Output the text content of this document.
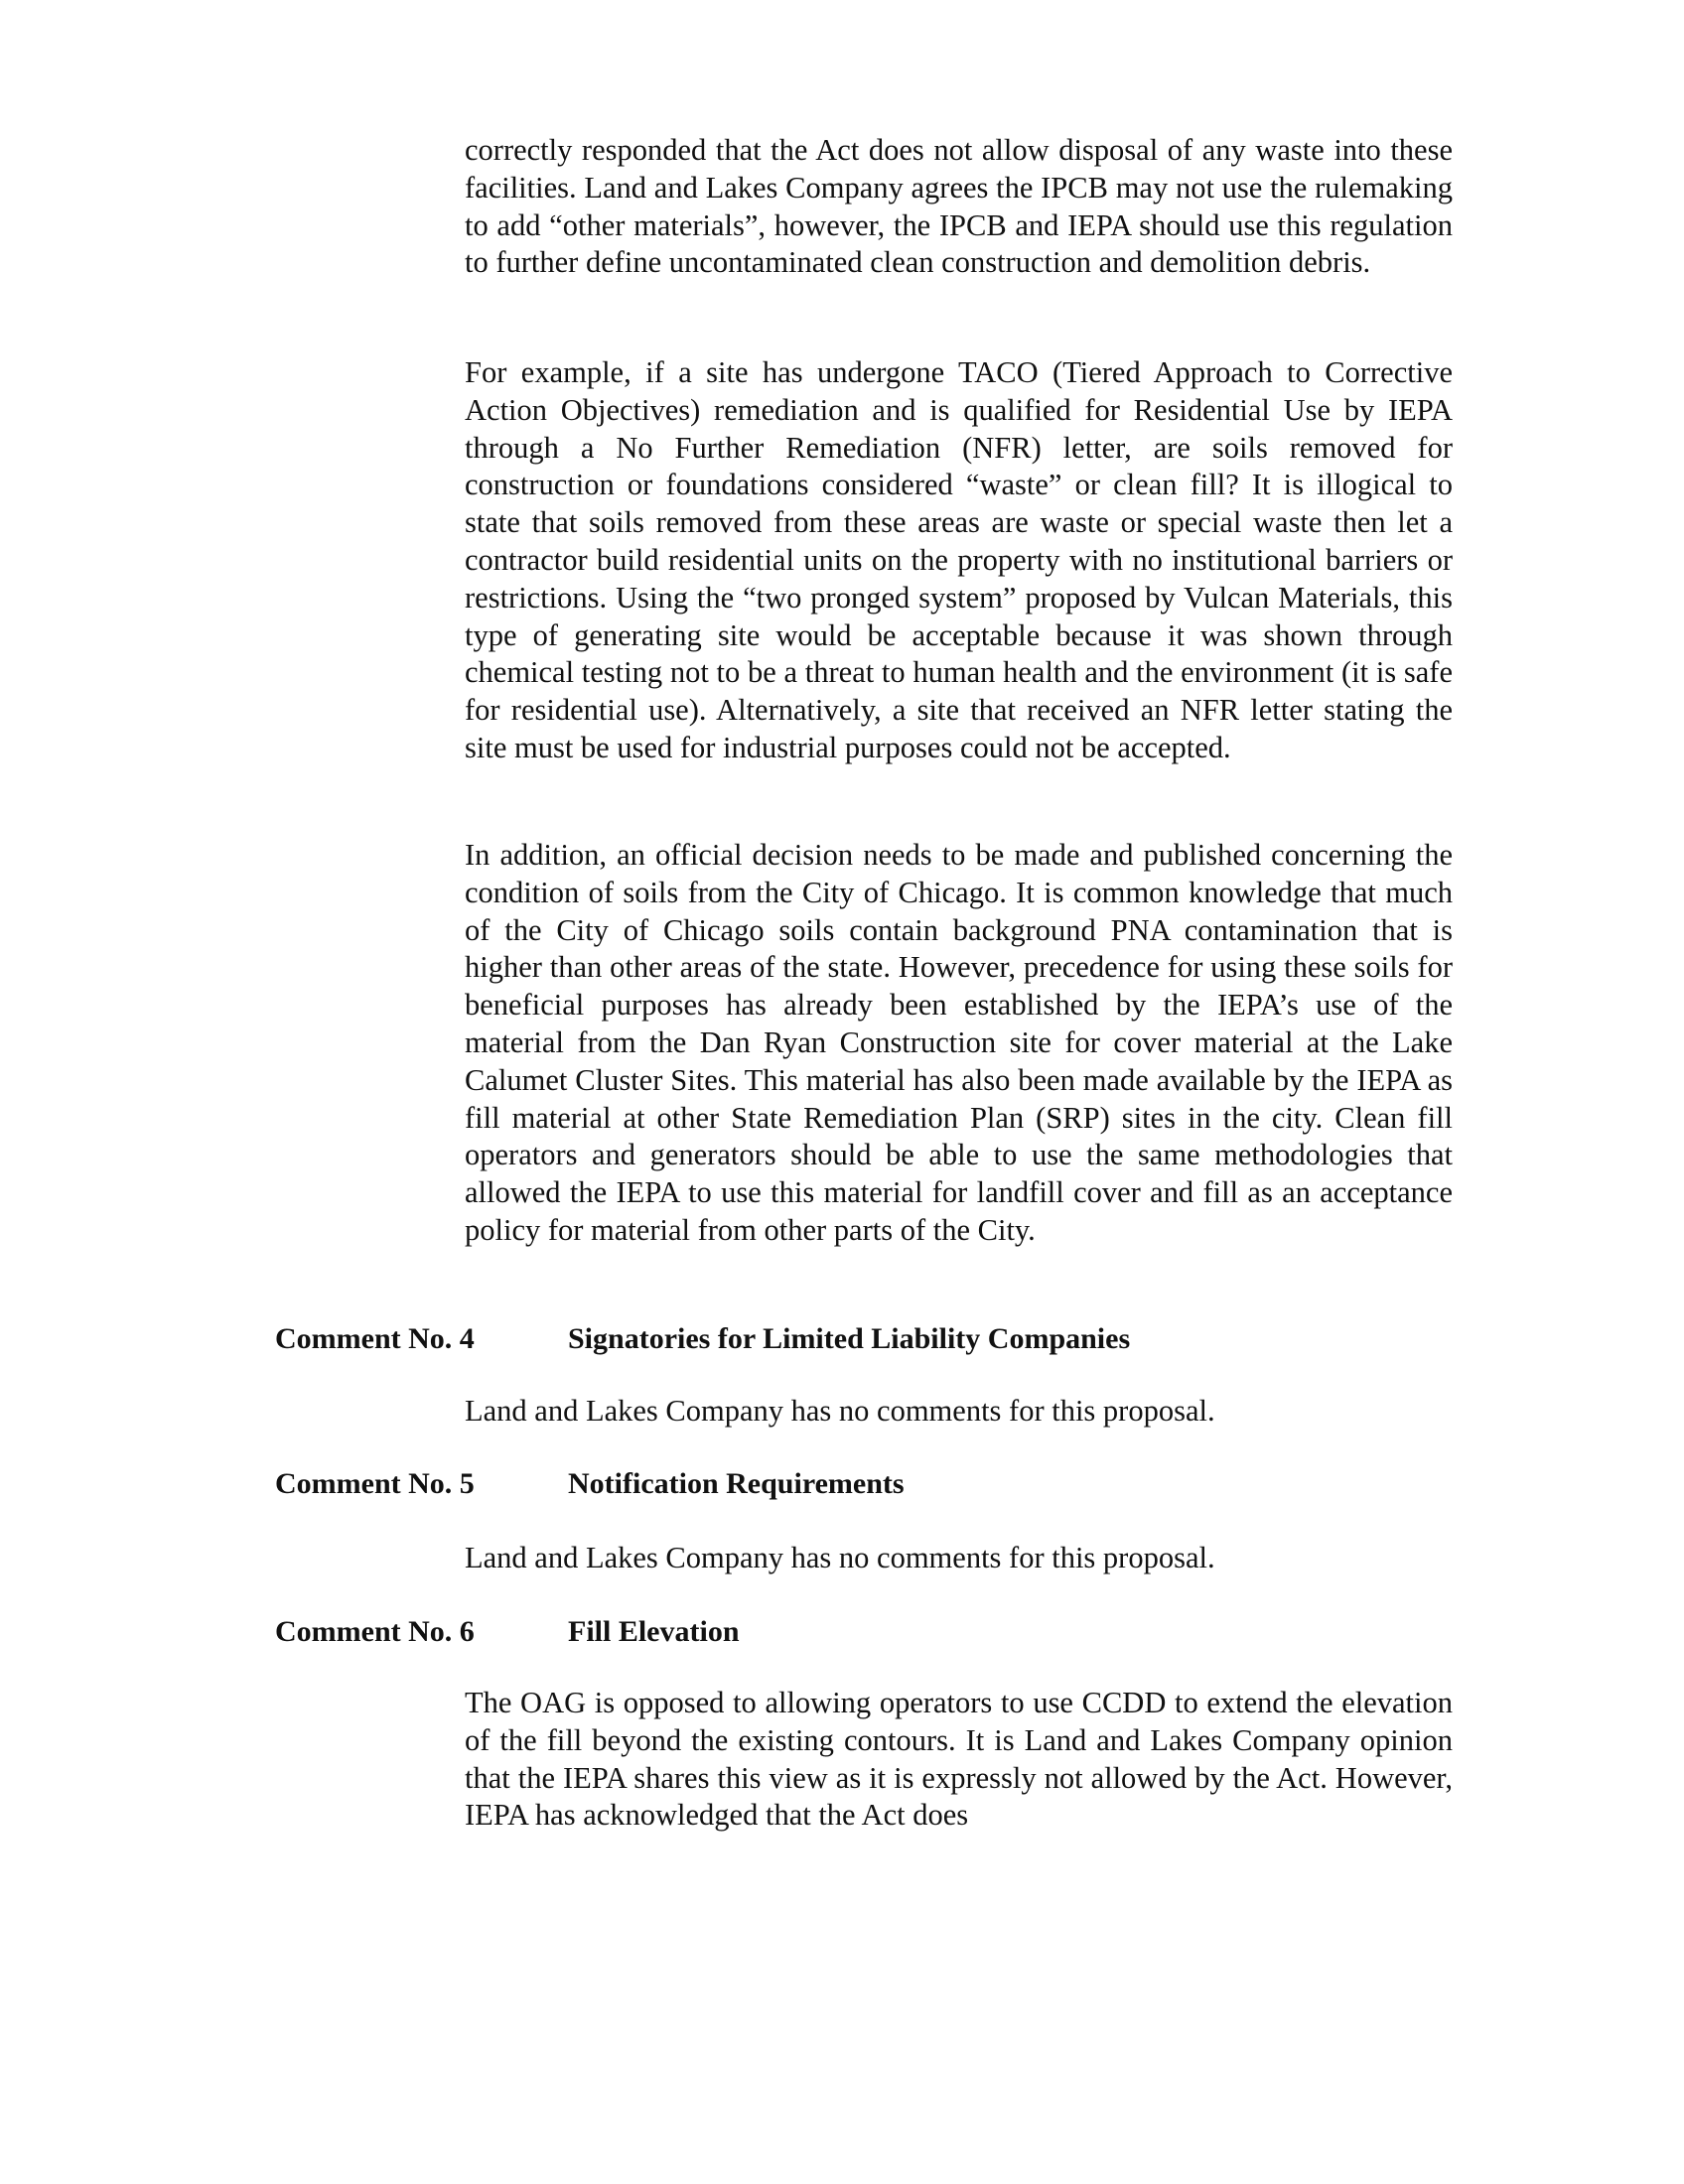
correctly responded that the Act does not allow disposal of any waste into these facilities. Land and Lakes Company agrees the IPCB may not use the rulemaking to add “other materials”, however, the IPCB and IEPA should use this regulation to further define uncontaminated clean construction and demolition debris.

For example, if a site has undergone TACO (Tiered Approach to Corrective Action Objectives) remediation and is qualified for Residential Use by IEPA through a No Further Remediation (NFR) letter, are soils removed for construction or foundations considered “waste” or clean fill? It is illogical to state that soils removed from these areas are waste or special waste then let a contractor build residential units on the property with no institutional barriers or restrictions. Using the “two pronged system” proposed by Vulcan Materials, this type of generating site would be acceptable because it was shown through chemical testing not to be a threat to human health and the environment (it is safe for residential use). Alternatively, a site that received an NFR letter stating the site must be used for industrial purposes could not be accepted.

In addition, an official decision needs to be made and published concerning the condition of soils from the City of Chicago. It is common knowledge that much of the City of Chicago soils contain background PNA contamination that is higher than other areas of the state. However, precedence for using these soils for beneficial purposes has already been established by the IEPA’s use of the material from the Dan Ryan Construction site for cover material at the Lake Calumet Cluster Sites. This material has also been made available by the IEPA as fill material at other State Remediation Plan (SRP) sites in the city. Clean fill operators and generators should be able to use the same methodologies that allowed the IEPA to use this material for landfill cover and fill as an acceptance policy for material from other parts of the City.

Comment No. 4	Signatories for Limited Liability Companies

Land and Lakes Company has no comments for this proposal.

Comment No. 5	Notification Requirements

Land and Lakes Company has no comments for this proposal.

Comment No. 6	Fill Elevation

The OAG is opposed to allowing operators to use CCDD to extend the elevation of the fill beyond the existing contours. It is Land and Lakes Company opinion that the IEPA shares this view as it is expressly not allowed by the Act. However, IEPA has acknowledged that the Act does
